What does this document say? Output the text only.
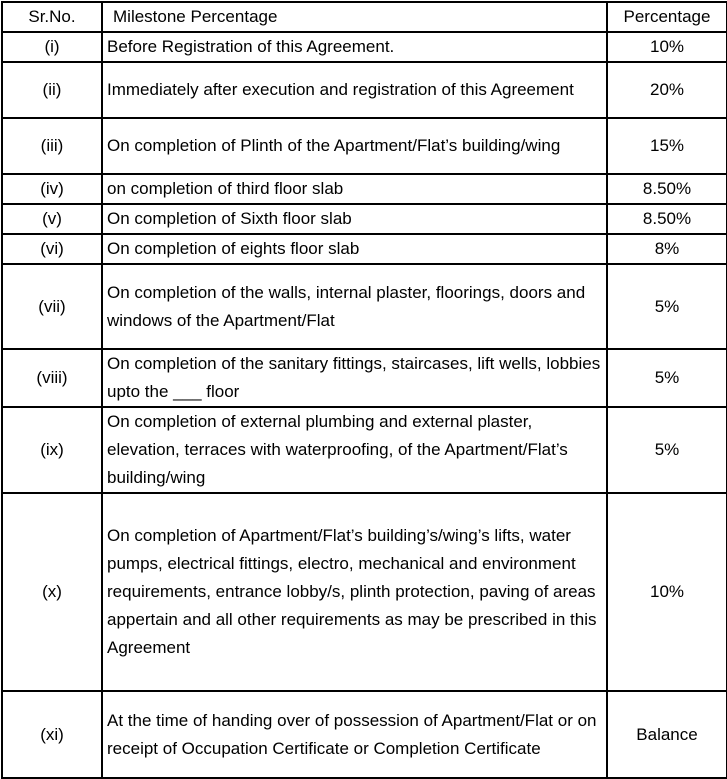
Sr.No.	Milestone Percentage	Percentage
(i)	Before Registration of this Agreement.	10%
(ii)	Immediately after execution and registration of this Agreement	20%
(iii)	On completion of Plinth of the Apartment/Flat’s building/wing	15%
(iv)	on completion of third floor slab	8.50%
(v)	On completion of Sixth floor slab	8.50%
(vi)	On completion of eights floor slab	8%
(vii)	On completion of the walls, internal plaster, floorings, doors and windows of the Apartment/Flat	5%
(viii)	On completion of the sanitary fittings, staircases, lift wells, lobbies upto the ___ floor	5%
(ix)	On completion of external plumbing and external plaster, elevation, terraces with waterproofing, of the Apartment/Flat’s building/wing	5%
(x)	On completion of Apartment/Flat’s building’s/wing’s lifts, water pumps, electrical fittings, electro, mechanical and environment requirements, entrance lobby/s, plinth protection, paving of areas appertain and all other requirements as may be prescribed in this Agreement	10%
(xi)	At the time of handing over of possession of Apartment/Flat or on receipt of Occupation Certificate or Completion Certificate	Balance
